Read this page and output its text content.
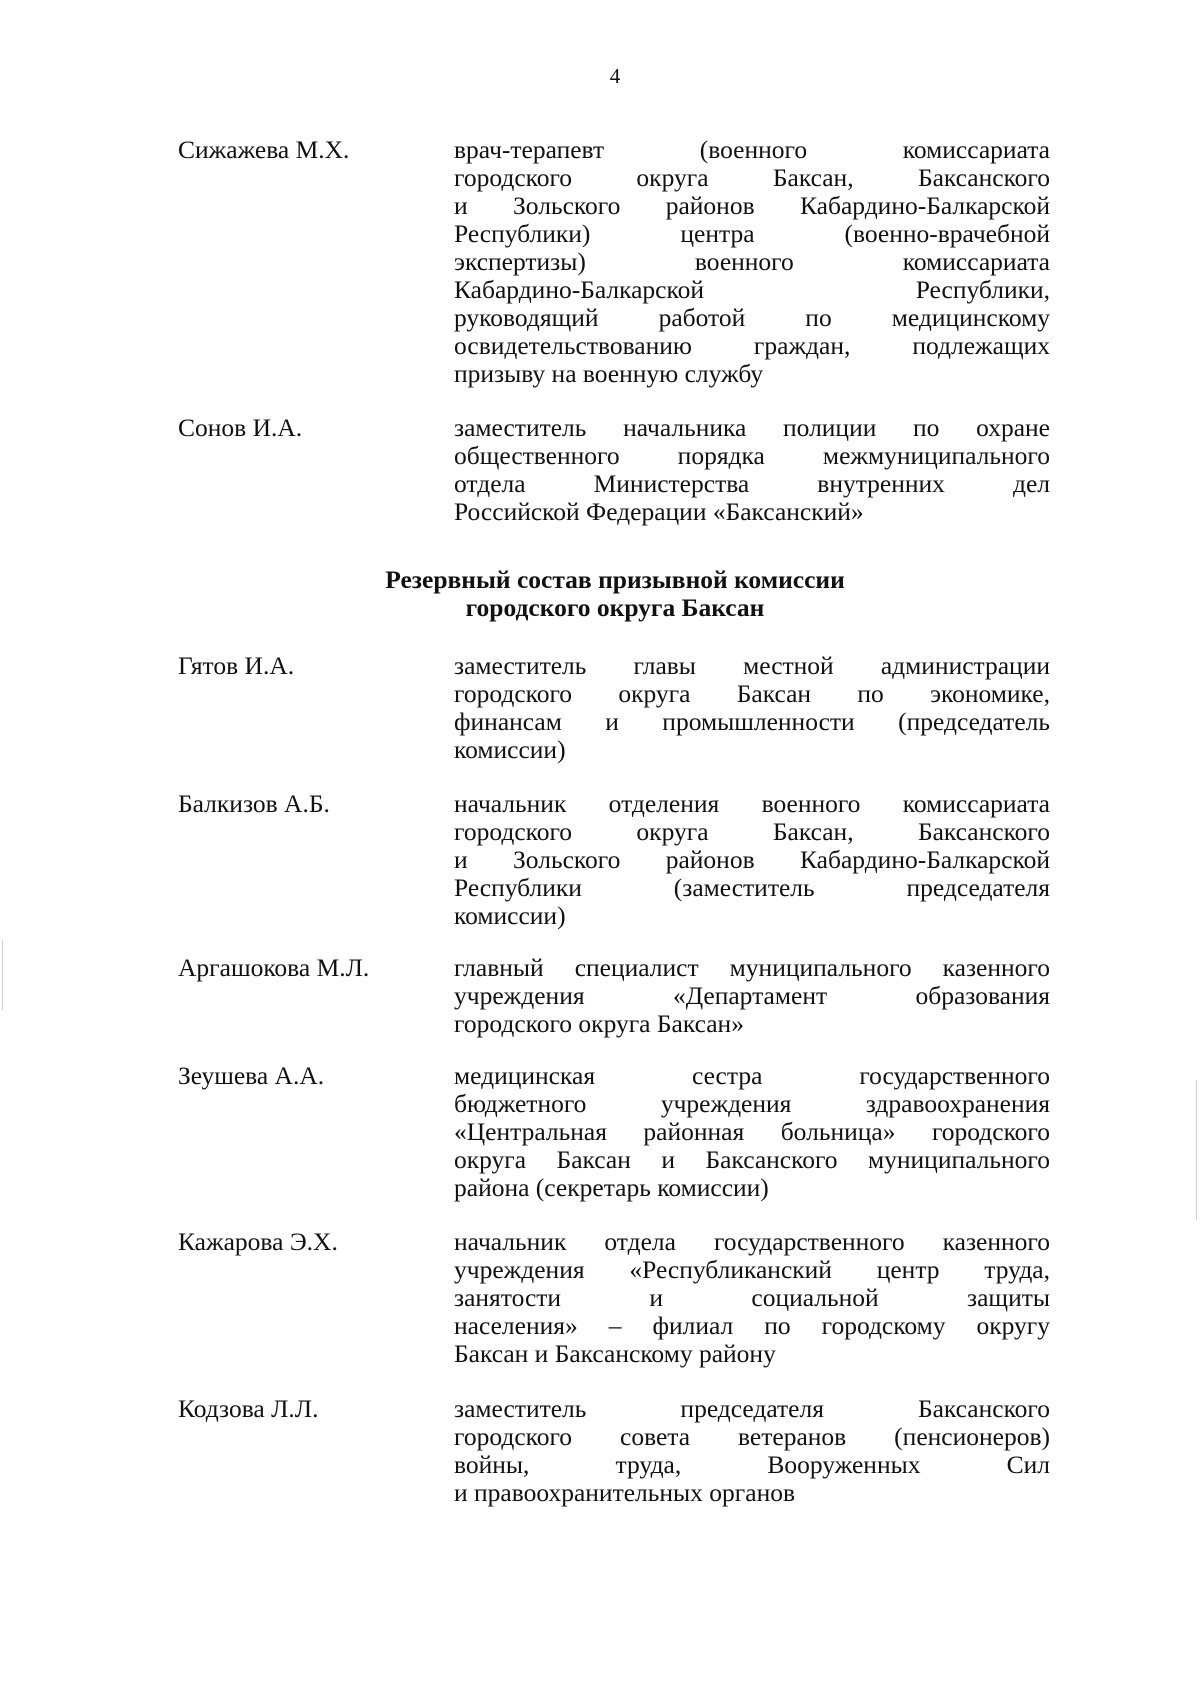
4
Сижажева М.Х.	врач-терапевт (военного комиссариата
городского округа Баксан, Баксанского
и Зольского районов Кабардино-Балкарской
Республики) центра (военно-врачебной
экспертизы) военного комиссариата
Кабардино-Балкарской Республики,
руководящий работой по медицинскому
освидетельствованию граждан, подлежащих
призыву на военную службу
Сонов И.А.	заместитель начальника полиции по охране
общественного порядка межмуниципального
отдела Министерства внутренних дел
Российской Федерации «Баксанский»
Резервный состав призывной комиссии
городского округа Баксан
Гятов И.А.	заместитель главы местной администрации
городского округа Баксан по экономике,
финансам и промышленности (председатель
комиссии)
Балкизов А.Б.	начальник отделения военного комиссариата
городского округа Баксан, Баксанского
и Зольского районов Кабардино-Балкарской
Республики (заместитель председателя
комиссии)
Аргашокова М.Л.	главный специалист муниципального казенного
учреждения «Департамент образования
городского округа Баксан»
Зеушева А.А.	медицинская сестра государственного
бюджетного учреждения здравоохранения
«Центральная районная больница» городского
округа Баксан и Баксанского муниципального
района (секретарь комиссии)
Кажарова Э.Х.	начальник отдела государственного казенного
учреждения «Республиканский центр труда,
занятости и социальной защиты
населения» – филиал по городскому округу
Баксан и Баксанскому району
Кодзова Л.Л.	заместитель председателя Баксанского
городского совета ветеранов (пенсионеров)
войны, труда, Вооруженных Сил
и правоохранительных органов
